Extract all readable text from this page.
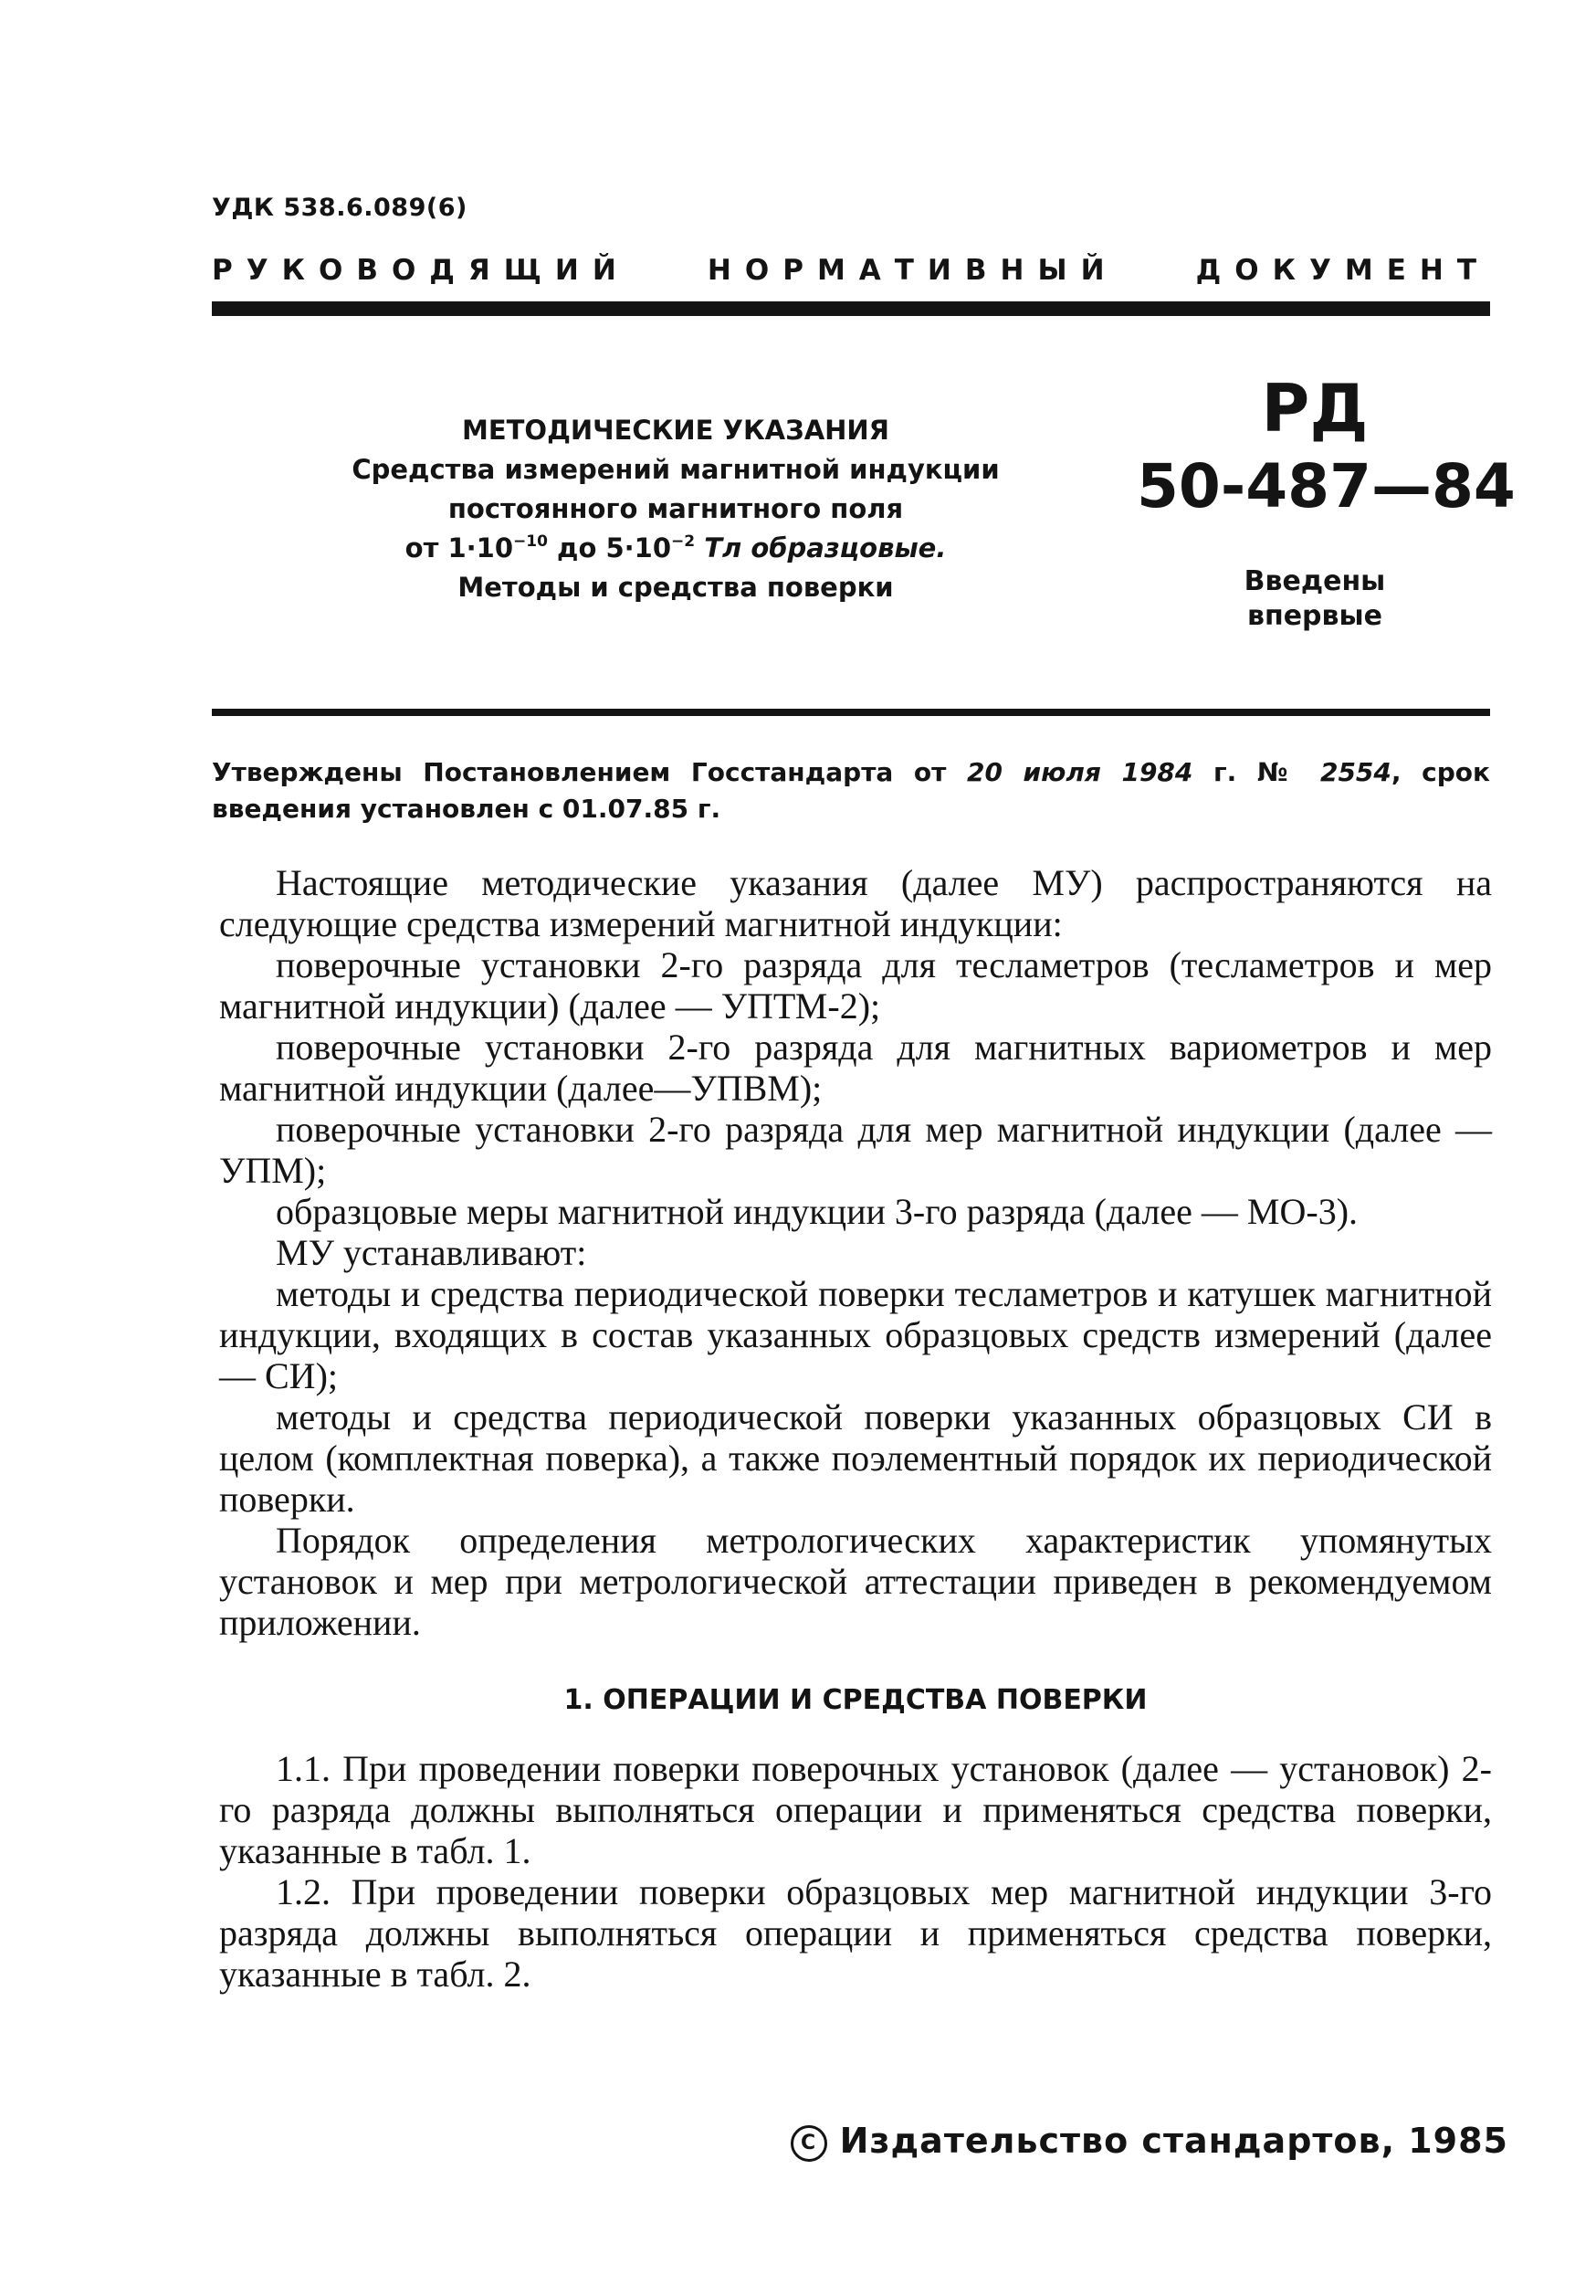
УДК 538.6.089(6)
РУКОВОДЯЩИЙ	НОРМАТИВНЫЙ	ДОКУМЕНТ
МЕТОДИЧЕСКИЕ УКАЗАНИЯ
Средства измерений магнитной индукции
постоянного магнитного поля
от $1\cdot 10^{-10}$ до $5\cdot 10^{-2}$ Тл образцовые.
Методы и средства поверки
РД
50-487—84
Введены
впервые
Утверждены Постановлением Госстандарта от 20 июля 1984 г. № 2554, срок введения установлен с 01.07.85 г.

Настоящие методические указания (далее МУ) распространяются на следующие средства измерений магнитной индукции:

поверочные установки 2-го разряда для тесламетров (тесламетров и мер магнитной индукции) (далее — УПТМ-2);

поверочные установки 2-го разряда для магнитных вариометров и мер магнитной индукции (далее—УПВМ);

поверочные установки 2-го разряда для мер магнитной индукции (далее — УПМ);

образцовые меры магнитной индукции 3-го разряда (далее — МО-3).

МУ устанавливают:

методы и средства периодической поверки тесламетров и катушек магнитной индукции, входящих в состав указанных образцовых средств измерений (далее — СИ);

методы и средства периодической поверки указанных образцовых СИ в целом (комплектная поверка), а также поэлементный порядок их периодической поверки.

Порядок определения метрологических характеристик упомянутых установок и мер при метрологической аттестации приведен в рекомендуемом приложении.

1. ОПЕРАЦИИ И СРЕДСТВА ПОВЕРКИ

1.1. При проведении поверки поверочных установок (далее — установок) 2-го разряда должны выполняться операции и применяться средства поверки, указанные в табл. 1.

1.2. При проведении поверки образцовых мер магнитной индукции 3-го разряда должны выполняться операции и применяться средства поверки, указанные в табл. 2.

C Издательство стандартов, 1985
